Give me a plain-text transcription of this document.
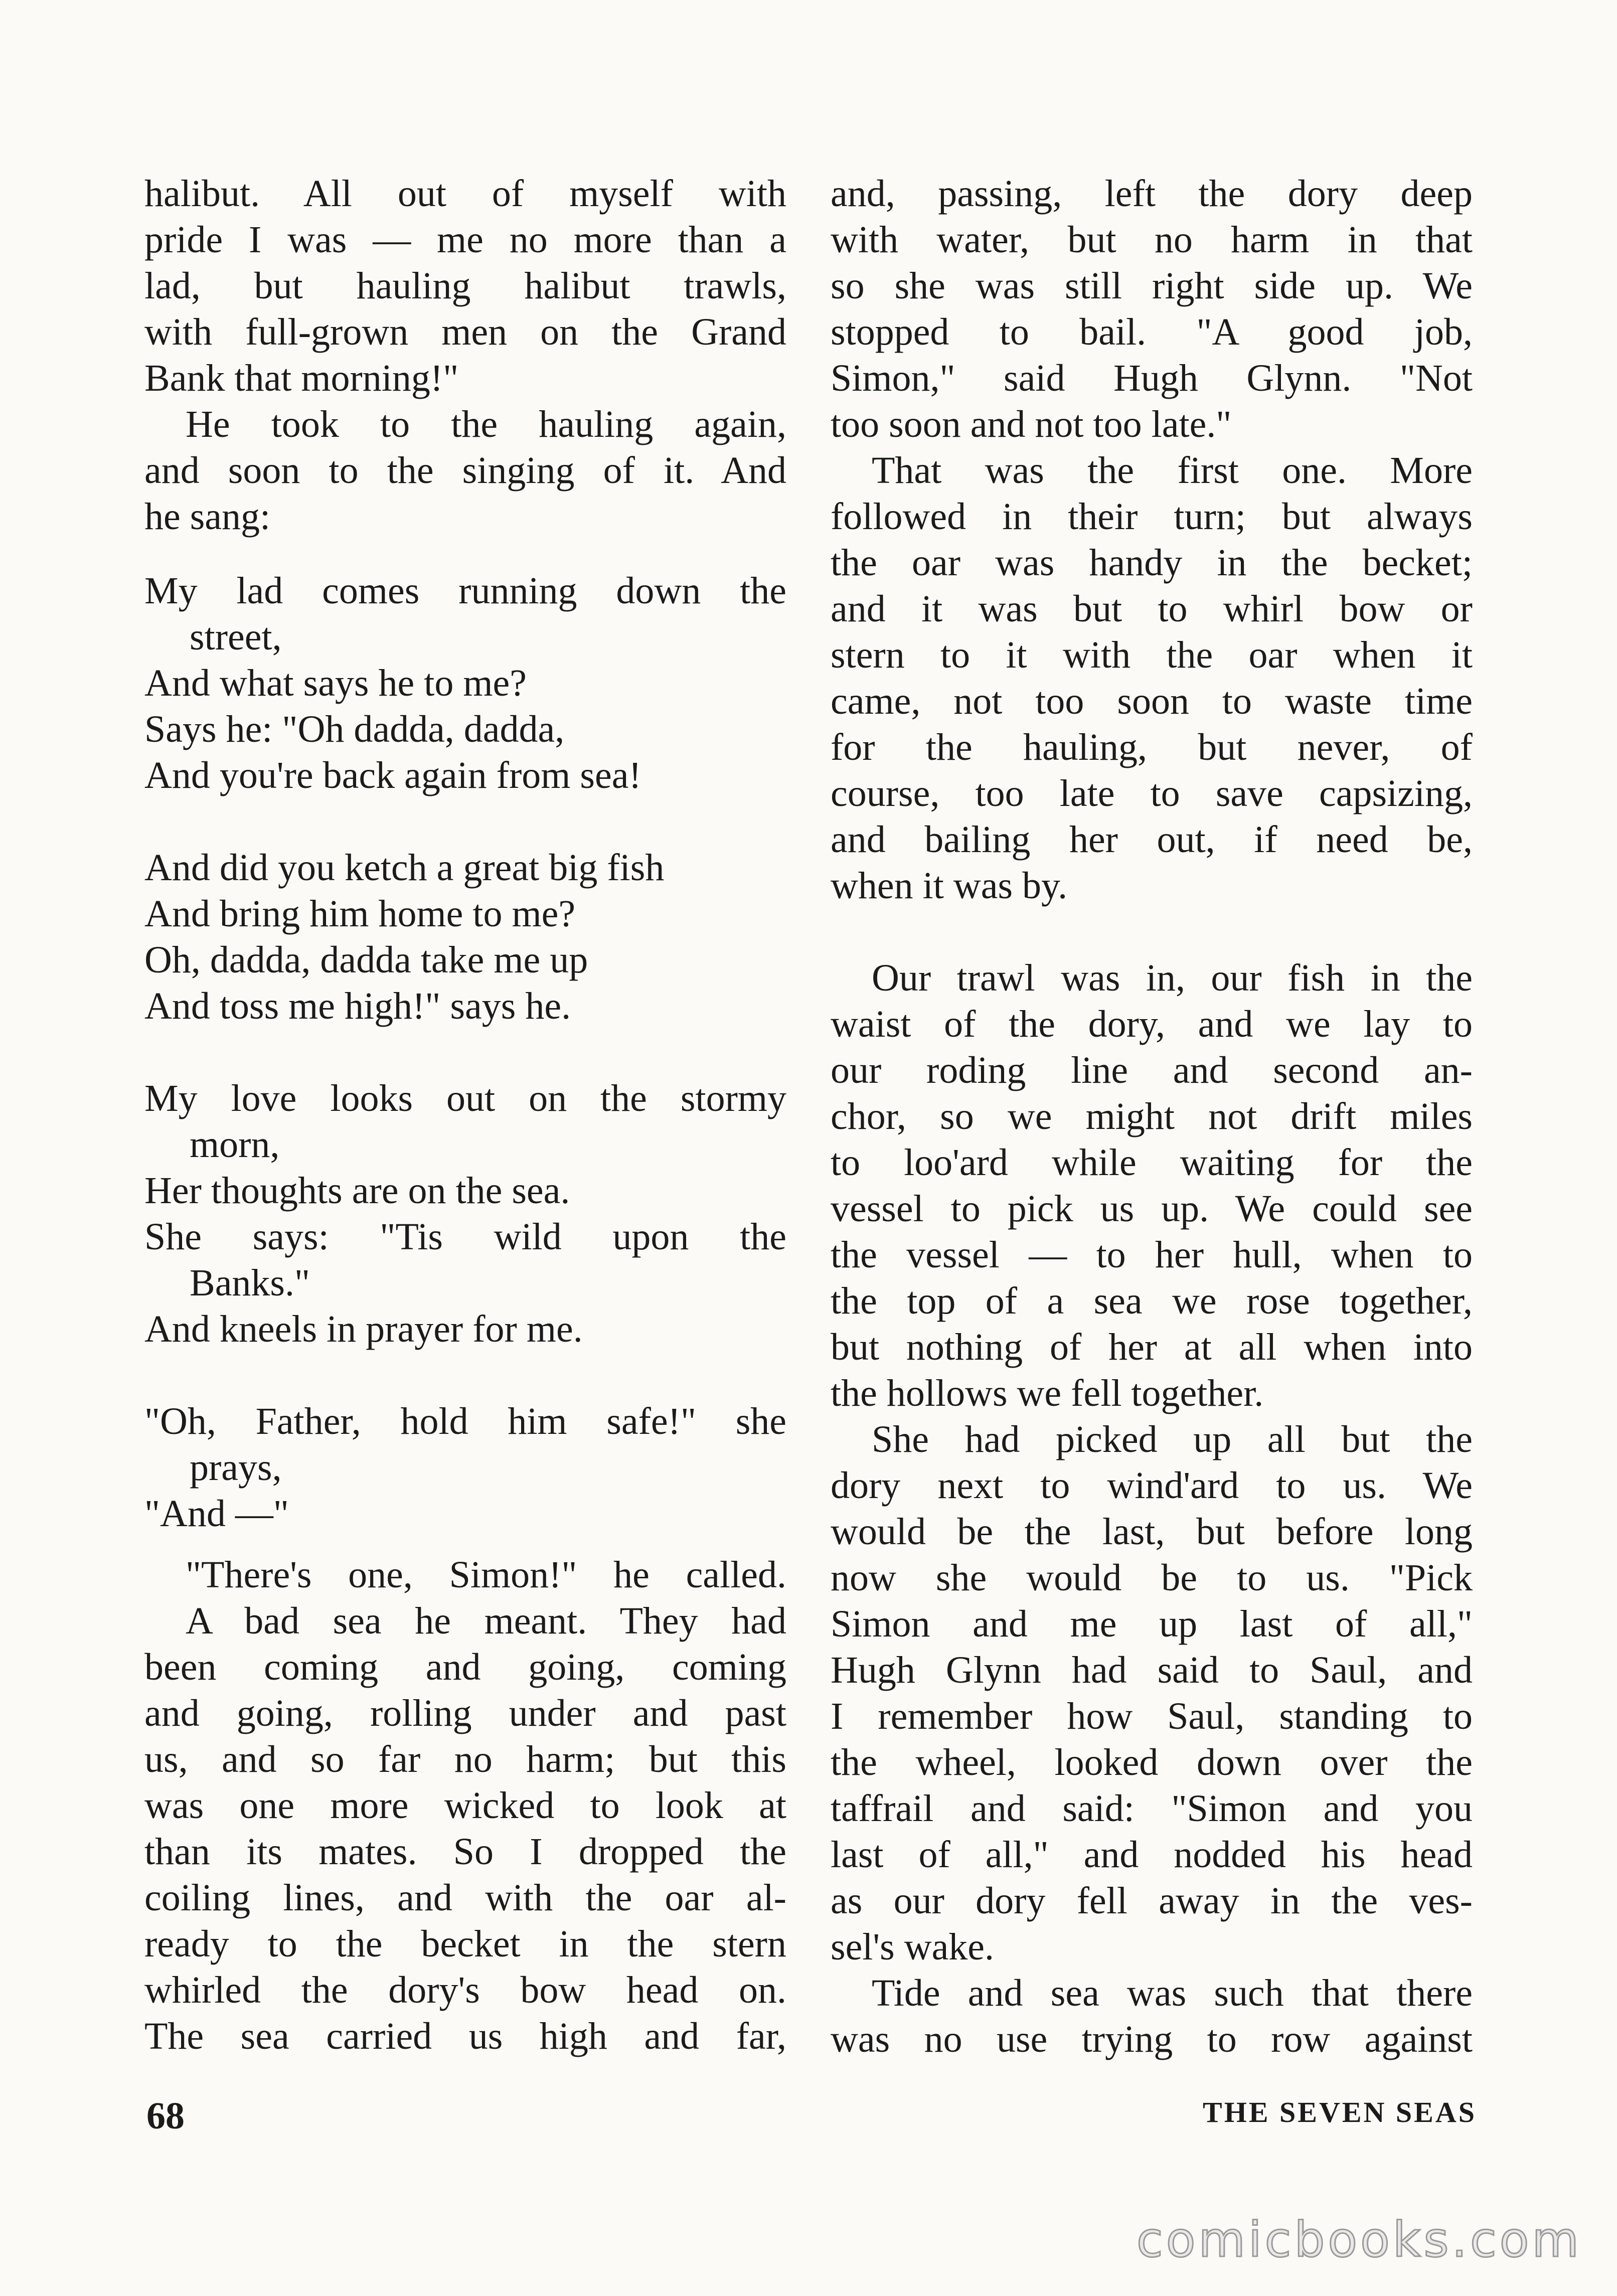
halibut. All out of myself with
pride I was — me no more than a
lad, but hauling halibut trawls,
with full-grown men on the Grand
Bank that morning!"
He took to the hauling again,
and soon to the singing of it. And
he sang:
My lad comes running down the
street,
And what says he to me?
Says he: "Oh dadda, dadda,
And you're back again from sea!
And did you ketch a great big fish
And bring him home to me?
Oh, dadda, dadda take me up
And toss me high!" says he.
My love looks out on the stormy
morn,
Her thoughts are on the sea.
She says: "Tis wild upon the
Banks."
And kneels in prayer for me.
"Oh, Father, hold him safe!" she
prays,
"And —"
"There's one, Simon!" he called.
A bad sea he meant. They had
been coming and going, coming
and going, rolling under and past
us, and so far no harm; but this
was one more wicked to look at
than its mates. So I dropped the
coiling lines, and with the oar al-
ready to the becket in the stern
whirled the dory's bow head on.
The sea carried us high and far,
and, passing, left the dory deep
with water, but no harm in that
so she was still right side up. We
stopped to bail. "A good job,
Simon," said Hugh Glynn. "Not
too soon and not too late."
That was the first one. More
followed in their turn; but always
the oar was handy in the becket;
and it was but to whirl bow or
stern to it with the oar when it
came, not too soon to waste time
for the hauling, but never, of
course, too late to save capsizing,
and bailing her out, if need be,
when it was by.
Our trawl was in, our fish in the
waist of the dory, and we lay to
our roding line and second an-
chor, so we might not drift miles
to loo'ard while waiting for the
vessel to pick us up. We could see
the vessel — to her hull, when to
the top of a sea we rose together,
but nothing of her at all when into
the hollows we fell together.
She had picked up all but the
dory next to wind'ard to us. We
would be the last, but before long
now she would be to us. "Pick
Simon and me up last of all,"
Hugh Glynn had said to Saul, and
I remember how Saul, standing to
the wheel, looked down over the
taffrail and said: "Simon and you
last of all," and nodded his head
as our dory fell away in the ves-
sel's wake.
Tide and sea was such that there
was no use trying to row against
68	THE SEVEN SEAS
comicbooks.com
